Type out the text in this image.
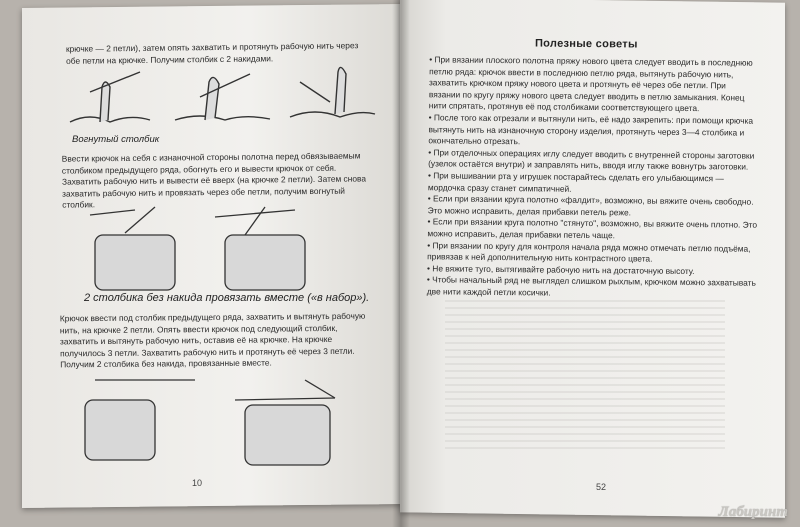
крючке — 2 петли), затем опять захватить и протянуть рабочую нить через обе петли на крючке. Получим столбик с 2 накидами.
Вогнутый столбик
Ввести крючок на себя с изнаночной стороны полотна перед обвязываемым столбиком предыдущего ряда, обогнуть его и вывести крючок от себя. Захватить рабочую нить и вывести её вверх (на крючке 2 петли). Затем снова захватить рабочую нить и провязать через обе петли, получим вогнутый столбик.
2 столбика без накида провязать вместе («в набор»).
Крючок ввести под столбик предыдущего ряда, захватить и вытянуть рабочую нить, на крючке 2 петли. Опять ввести крючок под следующий столбик, захватить и вытянуть рабочую нить, оставив её на крючке. На крючке получилось 3 петли. Захватить рабочую нить и протянуть её через 3 петли. Получим 2 столбика без накида, провязанные вместе.
10
Полезные советы
• При вязании плоского полотна пряжу нового цвета следует вводить в последнюю петлю ряда: крючок ввести в последнюю петлю ряда, вытянуть рабочую нить, захватить крючком пряжу нового цвета и протянуть её через обе петли. При вязании по кругу пряжу нового цвета следует вводить в петлю замыкания. Конец нити спрятать, протянув её под столбиками соответствующего цвета.
• После того как отрезали и вытянули нить, её надо закрепить: при помощи крючка вытянуть нить на изнаночную сторону изделия, протянуть через 3—4 столбика и окончательно отрезать.
• При отделочных операциях иглу следует вводить с внутренней стороны заготовки (узелок остаётся внутри) и заправлять нить, вводя иглу также вовнутрь заготовки.
• При вышивании рта у игрушек постарайтесь сделать его улыбающимся — мордочка сразу станет симпатичней.
• Если при вязании круга полотно «фалдит», возможно, вы вяжите очень свободно. Это можно исправить, делая прибавки петель реже.
• Если при вязании круга полотно "стянуто", возможно, вы вяжите очень плотно. Это можно исправить, делая прибавки петель чаще.
• При вязании по кругу для контроля начала ряда можно отмечать петлю подъёма, привязав к ней дополнительную нить контрастного цвета.
• Не вяжите туго, вытягивайте рабочую нить на достаточную высоту.
• Чтобы начальный ряд не выглядел слишком рыхлым, крючком можно захватывать две нити каждой петли косички.
52
Лабиринт
